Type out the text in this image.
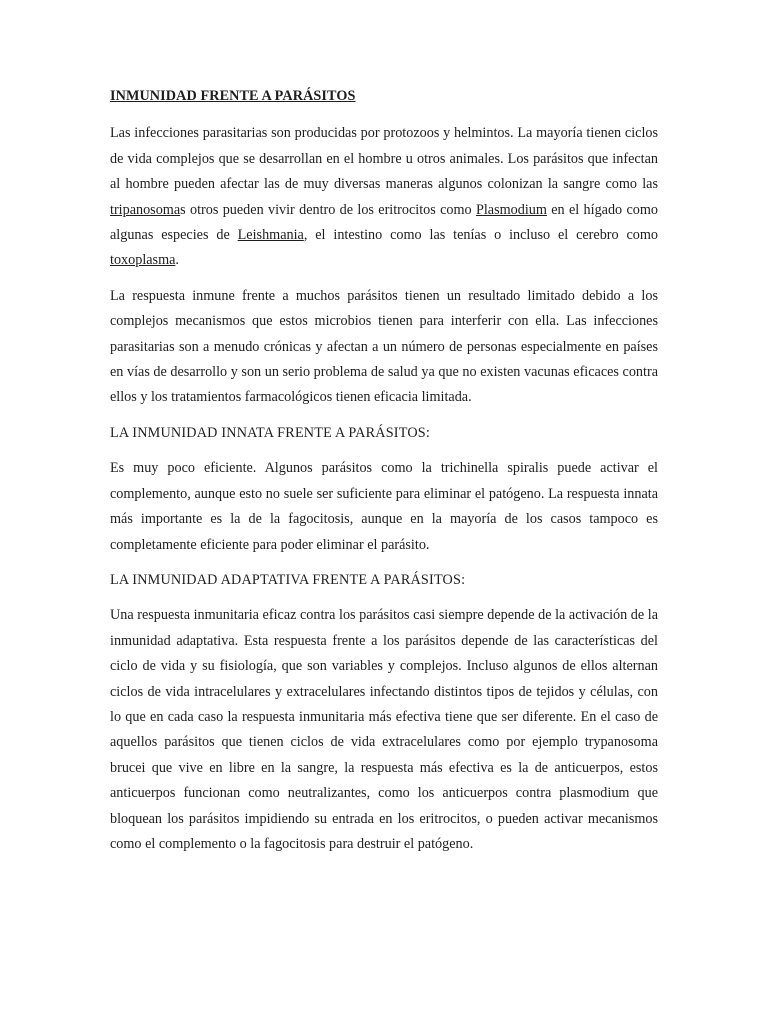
INMUNIDAD FRENTE A PARÁSITOS

Las infecciones parasitarias son producidas por protozoos y helmintos. La mayoría tienen ciclos de vida complejos que se desarrollan en el hombre u otros animales. Los parásitos que infectan al hombre pueden afectar las de muy diversas maneras algunos colonizan la sangre como las tripanosomas otros pueden vivir dentro de los eritrocitos como Plasmodium en el hígado como algunas especies de Leishmania, el intestino como las tenías o incluso el cerebro como toxoplasma.

La respuesta inmune frente a muchos parásitos tienen un resultado limitado debido a los complejos mecanismos que estos microbios tienen para interferir con ella. Las infecciones parasitarias son a menudo crónicas y afectan a un número de personas especialmente en países en vías de desarrollo y son un serio problema de salud ya que no existen vacunas eficaces contra ellos y los tratamientos farmacológicos tienen eficacia limitada.

LA INMUNIDAD INNATA FRENTE A PARÁSITOS:

Es muy poco eficiente. Algunos parásitos como la trichinella spiralis puede activar el complemento, aunque esto no suele ser suficiente para eliminar el patógeno. La respuesta innata más importante es la de la fagocitosis, aunque en la mayoría de los casos tampoco es completamente eficiente para poder eliminar el parásito.

LA INMUNIDAD ADAPTATIVA FRENTE A PARÁSITOS:

Una respuesta inmunitaria eficaz contra los parásitos casi siempre depende de la activación de la inmunidad adaptativa. Esta respuesta frente a los parásitos depende de las características del ciclo de vida y su fisiología, que son variables y complejos. Incluso algunos de ellos alternan ciclos de vida intracelulares y extracelulares infectando distintos tipos de tejidos y células, con lo que en cada caso la respuesta inmunitaria más efectiva tiene que ser diferente. En el caso de aquellos parásitos que tienen ciclos de vida extracelulares como por ejemplo trypanosoma brucei que vive en libre en la sangre, la respuesta más efectiva es la de anticuerpos, estos anticuerpos funcionan como neutralizantes, como los anticuerpos contra plasmodium que bloquean los parásitos impidiendo su entrada en los eritrocitos, o pueden activar mecanismos como el complemento o la fagocitosis para destruir el patógeno.
